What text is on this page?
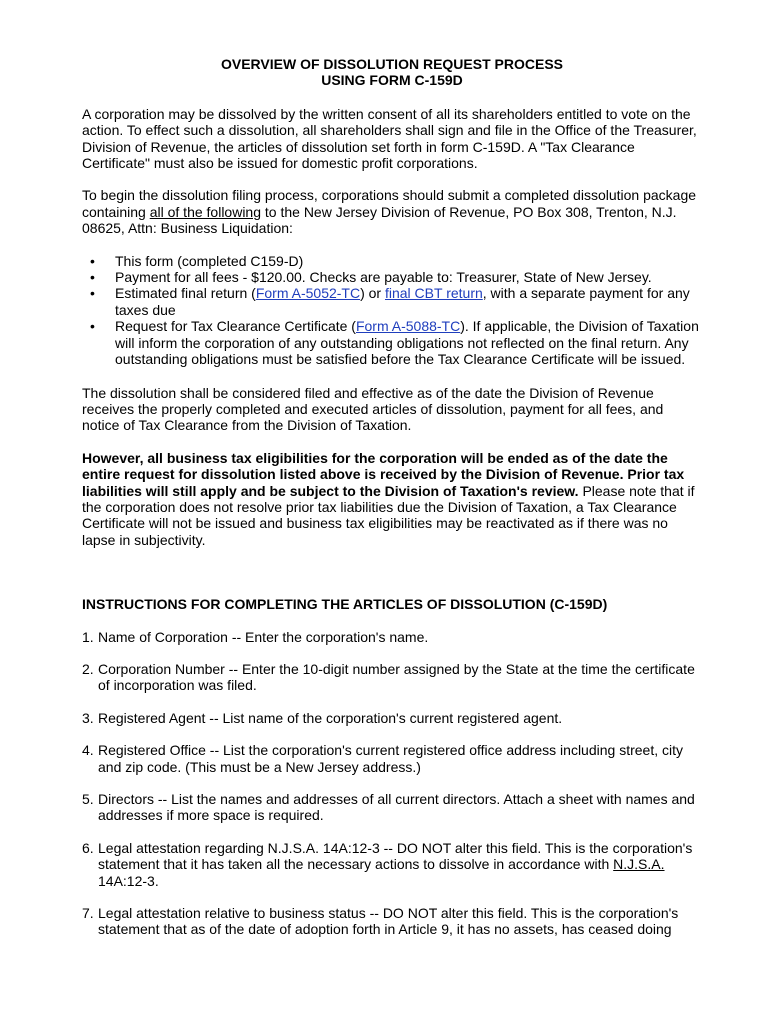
OVERVIEW OF DISSOLUTION REQUEST PROCESS
USING FORM C-159D

A corporation may be dissolved by the written consent of all its shareholders entitled to vote on the action. To effect such a dissolution, all shareholders shall sign and file in the Office of the Treasurer, Division of Revenue, the articles of dissolution set forth in form C-159D. A "Tax Clearance Certificate" must also be issued for domestic profit corporations.

To begin the dissolution filing process, corporations should submit a completed dissolution package containing all of the following to the New Jersey Division of Revenue, PO Box 308, Trenton, N.J. 08625, Attn: Business Liquidation:

• This form (completed C159-D)
• Payment for all fees - $120.00. Checks are payable to: Treasurer, State of New Jersey.
• Estimated final return (Form A-5052-TC) or final CBT return, with a separate payment for any taxes due
• Request for Tax Clearance Certificate (Form A-5088-TC). If applicable, the Division of Taxation will inform the corporation of any outstanding obligations not reflected on the final return. Any outstanding obligations must be satisfied before the Tax Clearance Certificate will be issued.

The dissolution shall be considered filed and effective as of the date the Division of Revenue receives the properly completed and executed articles of dissolution, payment for all fees, and notice of Tax Clearance from the Division of Taxation.

However, all business tax eligibilities for the corporation will be ended as of the date the entire request for dissolution listed above is received by the Division of Revenue. Prior tax liabilities will still apply and be subject to the Division of Taxation's review. Please note that if the corporation does not resolve prior tax liabilities due the Division of Taxation, a Tax Clearance Certificate will not be issued and business tax eligibilities may be reactivated as if there was no lapse in subjectivity.

INSTRUCTIONS FOR COMPLETING THE ARTICLES OF DISSOLUTION (C-159D)

1. Name of Corporation -- Enter the corporation's name.
2. Corporation Number -- Enter the 10-digit number assigned by the State at the time the certificate of incorporation was filed.
3. Registered Agent -- List name of the corporation's current registered agent.
4. Registered Office -- List the corporation's current registered office address including street, city and zip code. (This must be a New Jersey address.)
5. Directors -- List the names and addresses of all current directors. Attach a sheet with names and addresses if more space is required.
6. Legal attestation regarding N.J.S.A. 14A:12-3 -- DO NOT alter this field. This is the corporation's statement that it has taken all the necessary actions to dissolve in accordance with N.J.S.A. 14A:12-3.
7. Legal attestation relative to business status -- DO NOT alter this field. This is the corporation's statement that as of the date of adoption forth in Article 9, it has no assets, has ceased doing
